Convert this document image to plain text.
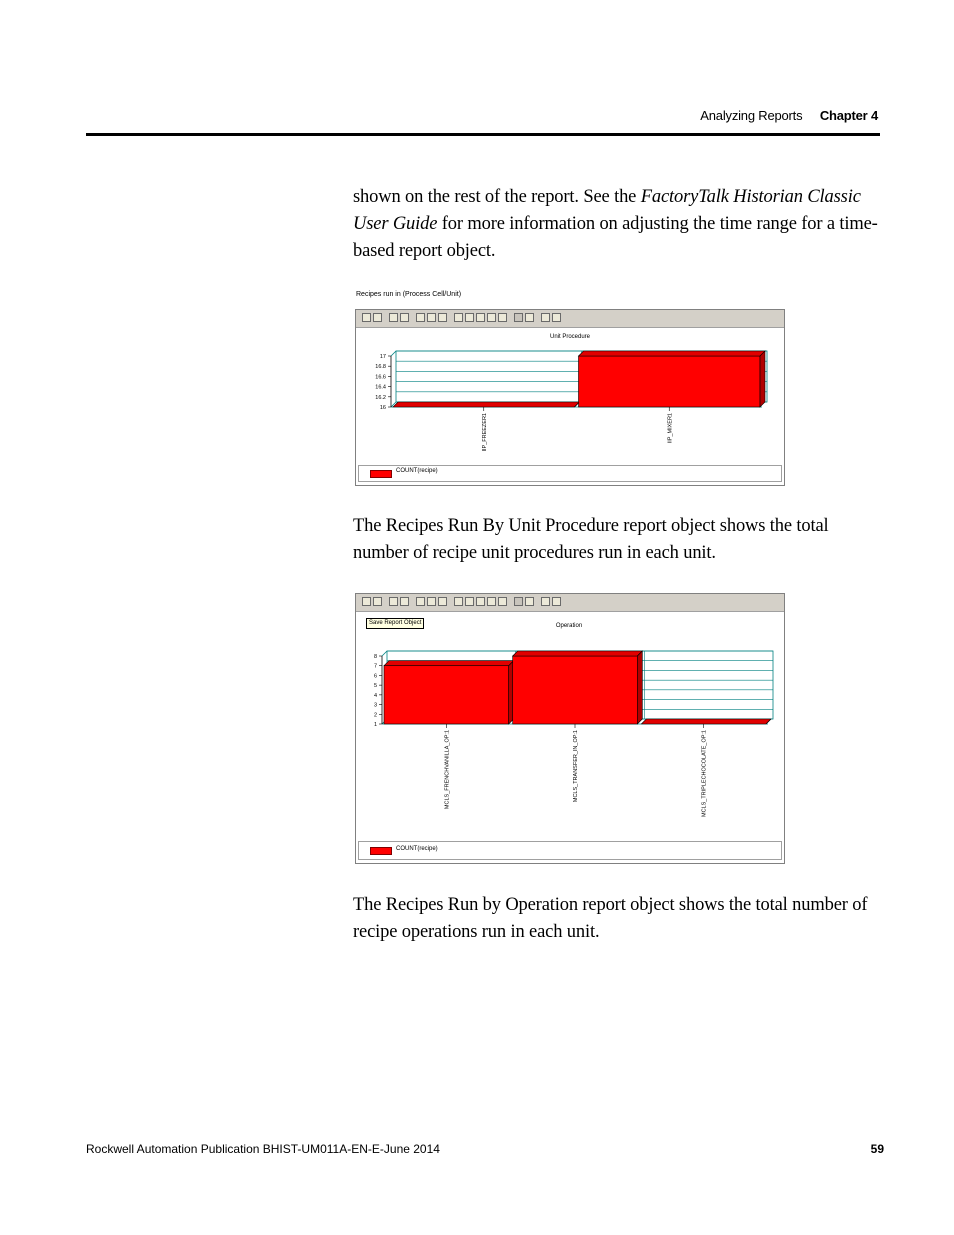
Analyzing Reports Chapter 4
shown on the rest of the report. See the FactoryTalk Historian Classic User Guide for more information on adjusting the time range for a time-based report object.
Recipes run in (Process Cell/Unit)
Unit Procedure
16
16.2
16.4
16.6
16.8
17
IIP_FREEZER1	IIP_MIXER1
COUNT(recipe)
The Recipes Run By Unit Procedure report object shows the total number of recipe unit procedures run in each unit.
Operation
1
2
3
4
5
6
7
8
MCLS_FRENCHVANILLA_OP:1	MCLS_TRANSFER_IN_OP:1	MCLS_TRIPLECHOCOLATE_OP:1
Save Report Object
COUNT(recipe)
The Recipes Run by Operation report object shows the total number of recipe operations run in each unit.
Rockwell Automation Publication BHIST-UM011A-EN-E-June 2014	59
